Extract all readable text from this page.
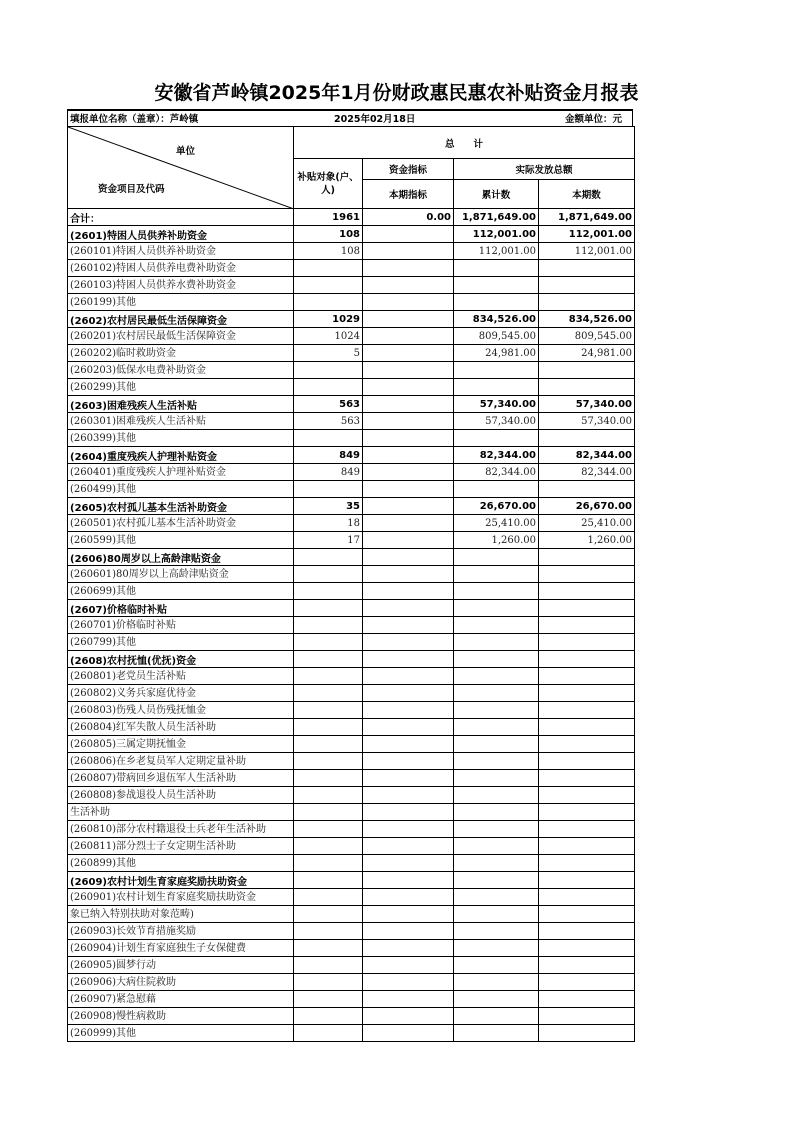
安徽省芦岭镇2025年1月份财政惠民惠农补贴资金月报表
填报单位名称（盖章）：芦岭镇	2025年02月18日	金额单位：元
单位
资金项目及代码	总　　计			
	补贴对象(户、人)	资金指标	实际发放总额	
		本期指标	累计数	本期数
合计：	1961	0.00	1,871,649.00	1,871,649.00
(2601)特困人员供养补助资金	108		112,001.00	112,001.00
(260101)特困人员供养补助资金	108		112,001.00	112,001.00
(260102)特困人员供养电费补助资金				
(260103)特困人员供养水费补助资金				
(260199)其他				
(2602)农村居民最低生活保障资金	1029		834,526.00	834,526.00
(260201)农村居民最低生活保障资金	1024		809,545.00	809,545.00
(260202)临时救助资金	5		24,981.00	24,981.00
(260203)低保水电费补助资金				
(260299)其他				
(2603)困难残疾人生活补贴	563		57,340.00	57,340.00
(260301)困难残疾人生活补贴	563		57,340.00	57,340.00
(260399)其他				
(2604)重度残疾人护理补贴资金	849		82,344.00	82,344.00
(260401)重度残疾人护理补贴资金	849		82,344.00	82,344.00
(260499)其他				
(2605)农村孤儿基本生活补助资金	35		26,670.00	26,670.00
(260501)农村孤儿基本生活补助资金	18		25,410.00	25,410.00
(260599)其他	17		1,260.00	1,260.00
(2606)80周岁以上高龄津贴资金				
(260601)80周岁以上高龄津贴资金				
(260699)其他				
(2607)价格临时补贴				
(260701)价格临时补贴				
(260799)其他				
(2608)农村抚恤(优抚)资金				
(260801)老党员生活补贴				
(260802)义务兵家庭优待金				
(260803)伤残人员伤残抚恤金				
(260804)红军失散人员生活补助				
(260805)三属定期抚恤金				
(260806)在乡老复员军人定期定量补助				
(260807)带病回乡退伍军人生活补助				
(260808)参战退役人员生活补助				
生活补助				
(260810)部分农村籍退役士兵老年生活补助				
(260811)部分烈士子女定期生活补助				
(260899)其他				
(2609)农村计划生育家庭奖励扶助资金				
(260901)农村计划生育家庭奖励扶助资金				
象已纳入特别扶助对象范畴)				
(260903)长效节育措施奖励				
(260904)计划生育家庭独生子女保健费				
(260905)圆梦行动				
(260906)大病住院救助				
(260907)紧急慰藉				
(260908)慢性病救助				
(260999)其他				
